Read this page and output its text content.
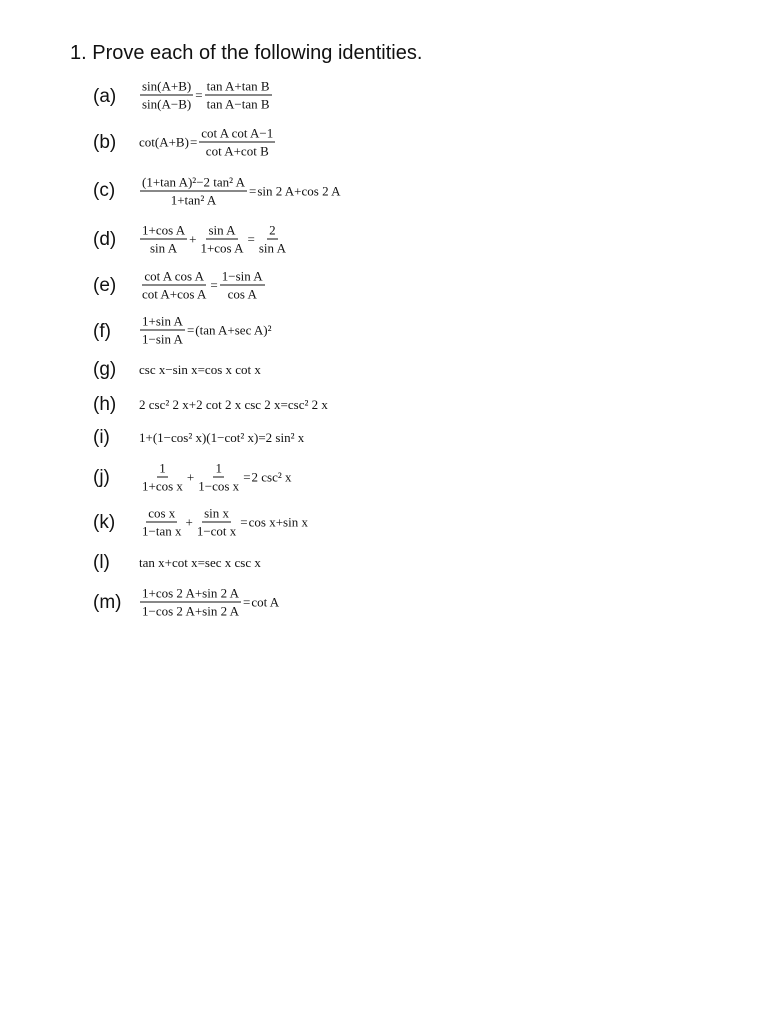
1. Prove each of the following identities.
$(a) \frac{\sin(A+B)}{\sin(A-B)} = \frac{\text{tan A+tan B}}{\text{tan A−tan B}}$
(b) $\cot(A+B) = \frac{\text{cot A cot A−1}}{\text{cot A+cot B}}$
$(c) \frac{\text{(1+tan A)²−2 tan² A}}{\text{1+tan² A}} = \sin 2$ A+cos 2 A
$(d) \frac{\text{1+cos A}}{\text{sin A}} + \frac{\text{sin A}}{\text{1+cos A}} = \frac{2}{\text{sin A}}$
$(e) \frac{\text{cot A cos A}}{\text{cot A+cos A}} = \frac{\text{1−sin A}}{\text{cos A}}$
$(f) \frac{\text{1+sin A}}{\text{1−sin A}} = (\tan$ A+sec A)²
(g) csc x−sin x=cos x cot x
(h) 2 csc² 2 x+2 cot 2 x csc 2 x=csc² 2 x
(i) 1+(1−cos² x)(1−cot² x)=2 sin² x
$(j) \frac{1}{\text{1+cos x}} + \frac{1}{\text{1−cos x}} = 2$ csc² x
$(k) \frac{\text{cos x}}{\text{1−tan x}} + \frac{\text{sin x}}{\text{1−cot x}} = \cos x+\sin$ x
(l) tan x+cot x=sec x csc x
$(m) \frac{1+\cos 2 A+\sin 2 A}{1-\cos 2 A+\sin 2 A} = \cot A$
